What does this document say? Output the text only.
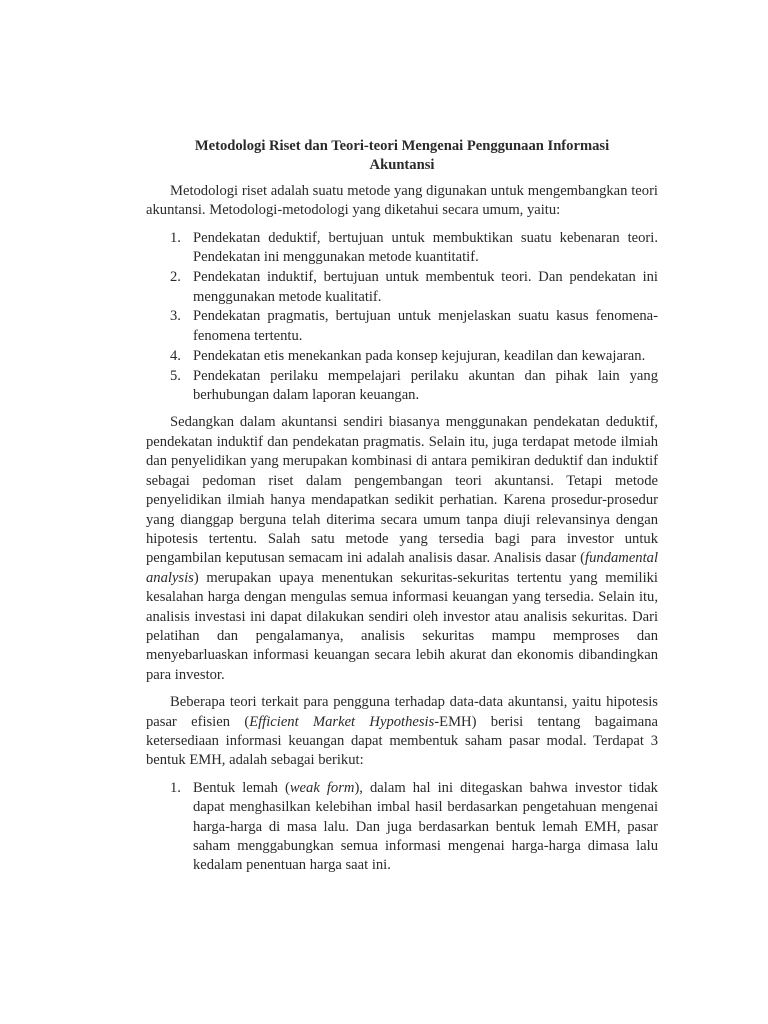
Metodologi Riset dan Teori-teori Mengenai Penggunaan Informasi
Akuntansi

Metodologi riset adalah suatu metode yang digunakan untuk mengembangkan teori akuntansi. Metodologi-metodologi yang diketahui secara umum, yaitu:

1. Pendekatan deduktif, bertujuan untuk membuktikan suatu kebenaran teori. Pendekatan ini menggunakan metode kuantitatif.
2. Pendekatan induktif, bertujuan untuk membentuk teori. Dan pendekatan ini menggunakan metode kualitatif.
3. Pendekatan pragmatis, bertujuan untuk menjelaskan suatu kasus fenomena-fenomena tertentu.
4. Pendekatan etis menekankan pada konsep kejujuran, keadilan dan kewajaran.
5. Pendekatan perilaku mempelajari perilaku akuntan dan pihak lain yang berhubungan dalam laporan keuangan.

Sedangkan dalam akuntansi sendiri biasanya menggunakan pendekatan deduktif, pendekatan induktif dan pendekatan pragmatis. Selain itu, juga terdapat metode ilmiah dan penyelidikan yang merupakan kombinasi di antara pemikiran deduktif dan induktif sebagai pedoman riset dalam pengembangan teori akuntansi. Tetapi metode penyelidikan ilmiah hanya mendapatkan sedikit perhatian. Karena prosedur-prosedur yang dianggap berguna telah diterima secara umum tanpa diuji relevansinya dengan hipotesis tertentu. Salah satu metode yang tersedia bagi para investor untuk pengambilan keputusan semacam ini adalah analisis dasar. Analisis dasar (fundamental analysis) merupakan upaya menentukan sekuritas-sekuritas tertentu yang memiliki kesalahan harga dengan mengulas semua informasi keuangan yang tersedia. Selain itu, analisis investasi ini dapat dilakukan sendiri oleh investor atau analisis sekuritas. Dari pelatihan dan pengalamanya, analisis sekuritas mampu memproses dan menyebarluaskan informasi keuangan secara lebih akurat dan ekonomis dibandingkan para investor.

Beberapa teori terkait para pengguna terhadap data-data akuntansi, yaitu hipotesis pasar efisien (Efficient Market Hypothesis-EMH) berisi tentang bagaimana ketersediaan informasi keuangan dapat membentuk saham pasar modal. Terdapat 3 bentuk EMH, adalah sebagai berikut:

1. Bentuk lemah (weak form), dalam hal ini ditegaskan bahwa investor tidak dapat menghasilkan kelebihan imbal hasil berdasarkan pengetahuan mengenai harga-harga di masa lalu. Dan juga berdasarkan bentuk lemah EMH, pasar saham menggabungkan semua informasi mengenai harga-harga dimasa lalu kedalam penentuan harga saat ini.
